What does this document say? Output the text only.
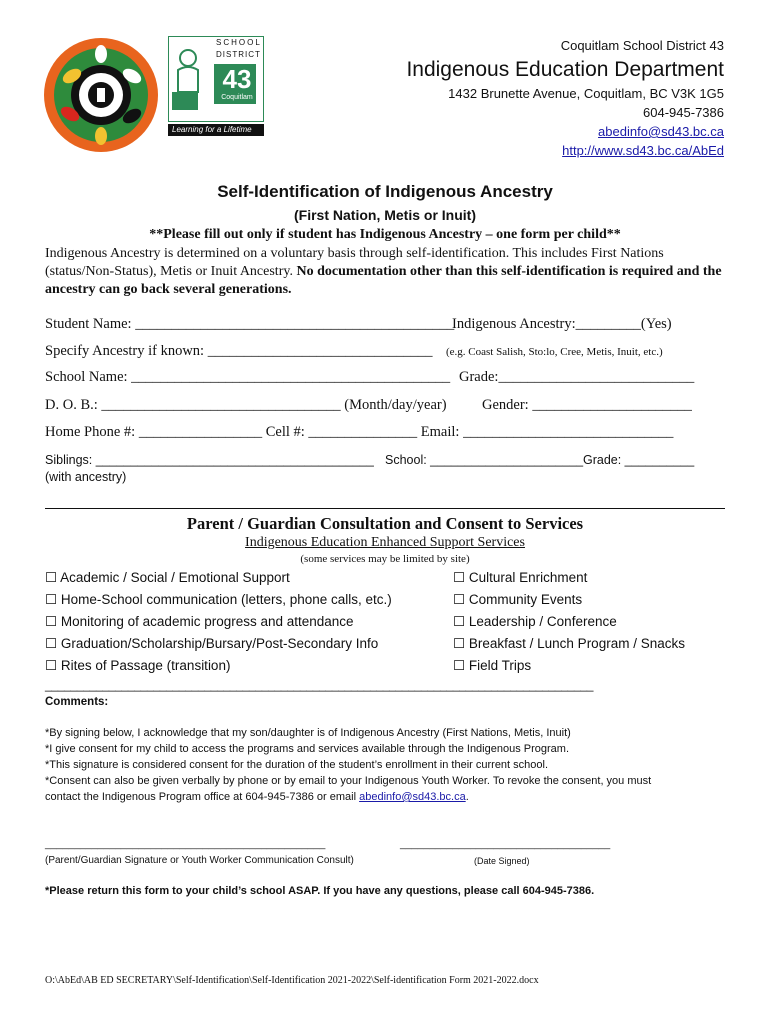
SCHOOL
DISTRICT
43
Coquitlam
Learning for a Lifetime
Coquitlam School District 43
Indigenous Education Department
1432 Brunette Avenue, Coquitlam, BC V3K 1G5
604-945-7386
abedinfo@sd43.bc.ca
http://www.sd43.bc.ca/AbEd
Self-Identification of Indigenous Ancestry
(First Nation, Metis or Inuit)
**Please fill out only if student has Indigenous Ancestry – one form per child**
Indigenous Ancestry is determined on a voluntary basis through self-identification. This includes First Nations (status/Non-Status), Metis or Inuit Ancestry. No documentation other than this self-identification is required and the ancestry can go back several generations.
Student Name: ____________________________________________
Indigenous Ancestry:_________(Yes)
Specify Ancestry if known: _______________________________ (e.g. Coast Salish, Sto:lo, Cree, Metis, Inuit, etc.)
School Name: ____________________________________________ Grade:___________________________
D. O. B.: _________________________________ (Month/day/year) Gender: ______________________
Home Phone #: _________________ Cell #: _______________ Email: _____________________________
Siblings: ________________________________________ School: ______________________ Grade: __________
(with ancestry)
Parent / Guardian Consultation and Consent to Services
Indigenous Education Enhanced Support Services
(some services may be limited by site)
☐ Academic / Social / Emotional Support
☐ Home-School communication (letters, phone calls, etc.)
☐ Monitoring of academic progress and attendance
☐ Graduation/Scholarship/Bursary/Post-Secondary Info
☐ Rites of Passage (transition)
☐ Cultural Enrichment
☐ Community Events
☐ Leadership / Conference
☐ Breakfast / Lunch Program / Snacks
☐ Field Trips
______________________________________________________________________________________
Comments:
*By signing below, I acknowledge that my son/daughter is of Indigenous Ancestry (First Nations, Metis, Inuit)
*I give consent for my child to access the programs and services available through the Indigenous Program.
*This signature is considered consent for the duration of the student’s enrollment in their current school.
*Consent can also be given verbally by phone or by email to your Indigenous Youth Worker. To revoke the consent, you must
contact the Indigenous Program office at 604-945-7386 or email abedinfo@sd43.bc.ca.
________________________________________________	____________________________________
(Parent/Guardian Signature or Youth Worker Communication Consult)	(Date Signed)
*Please return this form to your child’s school ASAP. If you have any questions, please call 604-945-7386.
O:\AbEd\AB ED SECRETARY\Self-Identification\Self-Identification 2021-2022\Self-identification Form 2021-2022.docx
